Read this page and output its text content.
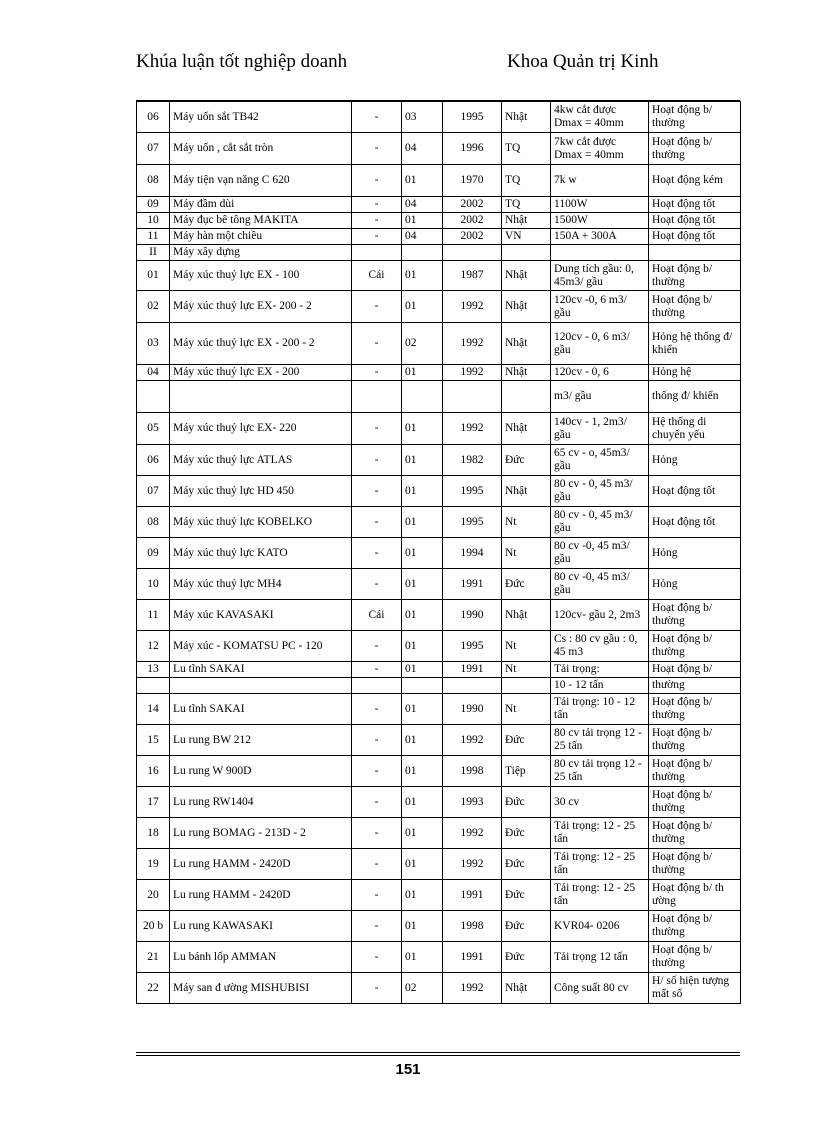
Khúa luận tốt nghiệp doanh	Khoa Quản trị Kinh
06	Máy uốn sắt TB42	-	03	1995	Nhật	4kw cắt được Dmax = 40mm	Hoạt động b/ thường
07	Máy uốn , cắt sắt tròn	-	04	1996	TQ	7kw cắt được Dmax = 40mm	Hoạt động b/ thường
08	Máy tiện vạn năng C 620	-	01	1970	TQ	7k w	Hoạt động kém
09	Máy đầm dùi	-	04	2002	TQ	1100W	Hoạt động tốt
10	Máy đục bê tông MAKITA	-	01	2002	Nhật	1500W	Hoạt động tốt
11	Máy hàn một chiều	-	04	2002	VN	150A + 300A	Hoạt động tốt
II	Máy xây dựng						
01	Máy xúc thuỷ lực EX - 100	Cái	01	1987	Nhật	Dung tích gầu: 0, 45m3/ gầu	Hoạt động b/ thường
02	Máy xúc thuỷ lực EX- 200 - 2	-	01	1992	Nhật	120cv -0, 6 m3/ gầu	Hoạt động b/ thường
03	Máy xúc thuỷ lực EX - 200 - 2	-	02	1992	Nhật	120cv - 0, 6 m3/ gầu	Hỏng hệ thống đ/ khiển
04	Máy xúc thuỷ lực EX - 200	-	01	1992	Nhật	120cv - 0, 6	Hỏng hệ
						m3/ gầu	thống đ/ khiển
05	Máy xúc thuỷ lực EX- 220	-	01	1992	Nhật	140cv - 1, 2m3/ gầu	Hệ thống di chuyển yếu
06	Máy xúc thuỷ lực ATLAS	-	01	1982	Đức	65 cv - o, 45m3/ gầu	Hỏng
07	Máy xúc thuỷ lực HD 450	-	01	1995	Nhật	80 cv - 0, 45 m3/ gầu	Hoạt động tốt
08	Máy xúc thuỷ lực KOBELKO	-	01	1995	Nt	80 cv - 0, 45 m3/ gầu	Hoạt động tốt
09	Máy xúc thuỷ lực KATO	-	01	1994	Nt	80 cv -0, 45 m3/ gầu	Hỏng
10	Máy xúc thuỷ lực MH4	-	01	1991	Đức	80 cv -0, 45 m3/ gầu	Hỏng
11	Máy xúc KAVASAKI	Cái	01	1990	Nhật	120cv- gầu 2, 2m3	Hoạt động b/ thường
12	Máy xúc - KOMATSU PC - 120	-	01	1995	Nt	Cs : 80 cv gầu : 0, 45 m3	Hoạt động b/ thường
13	Lu tĩnh SAKAI	-	01	1991	Nt	Tải trọng:	Hoạt động b/
						10 - 12 tấn	thường
14	Lu tĩnh SAKAI	-	01	1990	Nt	Tải trọng: 10 - 12 tấn	Hoạt động b/ thường
15	Lu rung BW 212	-	01	1992	Đức	80 cv tải trọng 12 - 25 tấn	Hoạt động b/ thường
16	Lu rung W 900D	-	01	1998	Tiệp	80 cv tải trọng 12 - 25 tấn	Hoạt động b/ thường
17	Lu rung RW1404	-	01	1993	Đức	30 cv	Hoạt động b/ thường
18	Lu rung BOMAG - 213D - 2	-	01	1992	Đức	Tải trọng: 12 - 25 tấn	Hoạt động b/ thường
19	Lu rung HAMM - 2420D	-	01	1992	Đức	Tải trọng: 12 - 25 tấn	Hoạt động b/ thường
20	Lu rung HAMM - 2420D	-	01	1991	Đức	Tải trọng: 12 - 25 tấn	Hoạt động b/ th ường
20 b	Lu rung KAWASAKI	-	01	1998	Đức	KVR04- 0206	Hoạt động b/ thường
21	Lu bánh lốp AMMAN	-	01	1991	Đức	Tải trọng 12 tấn	Hoạt động b/ thường
22	Máy san đ ường MISHUBISI	-	02	1992	Nhật	Công suất 80 cv	H/ số hiện tượng mất số
151
